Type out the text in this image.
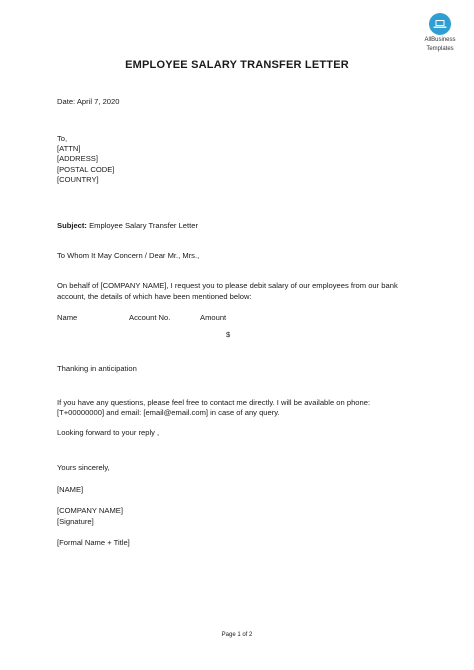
AllBusiness
Templates
EMPLOYEE SALARY TRANSFER LETTER
Date: April 7, 2020
To,
[ATTN]
[ADDRESS]
[POSTAL CODE]
[COUNTRY]
Subject: Employee Salary Transfer Letter
To Whom It May Concern / Dear Mr., Mrs.,
On behalf of [COMPANY NAME], I request you to please debit salary of our employees from our bank
account, the details of which have been mentioned below:
Name	Account No.	Amount
$
Thanking in anticipation
If you have any questions, please feel free to contact me directly. I will be available on phone:
[T+00000000] and email: [email@email.com] in case of any query.
Looking forward to your reply ,
Yours sincerely,
[NAME]
[COMPANY NAME]
[Signature]
[Formal Name + Title]
Page 1 of 2
